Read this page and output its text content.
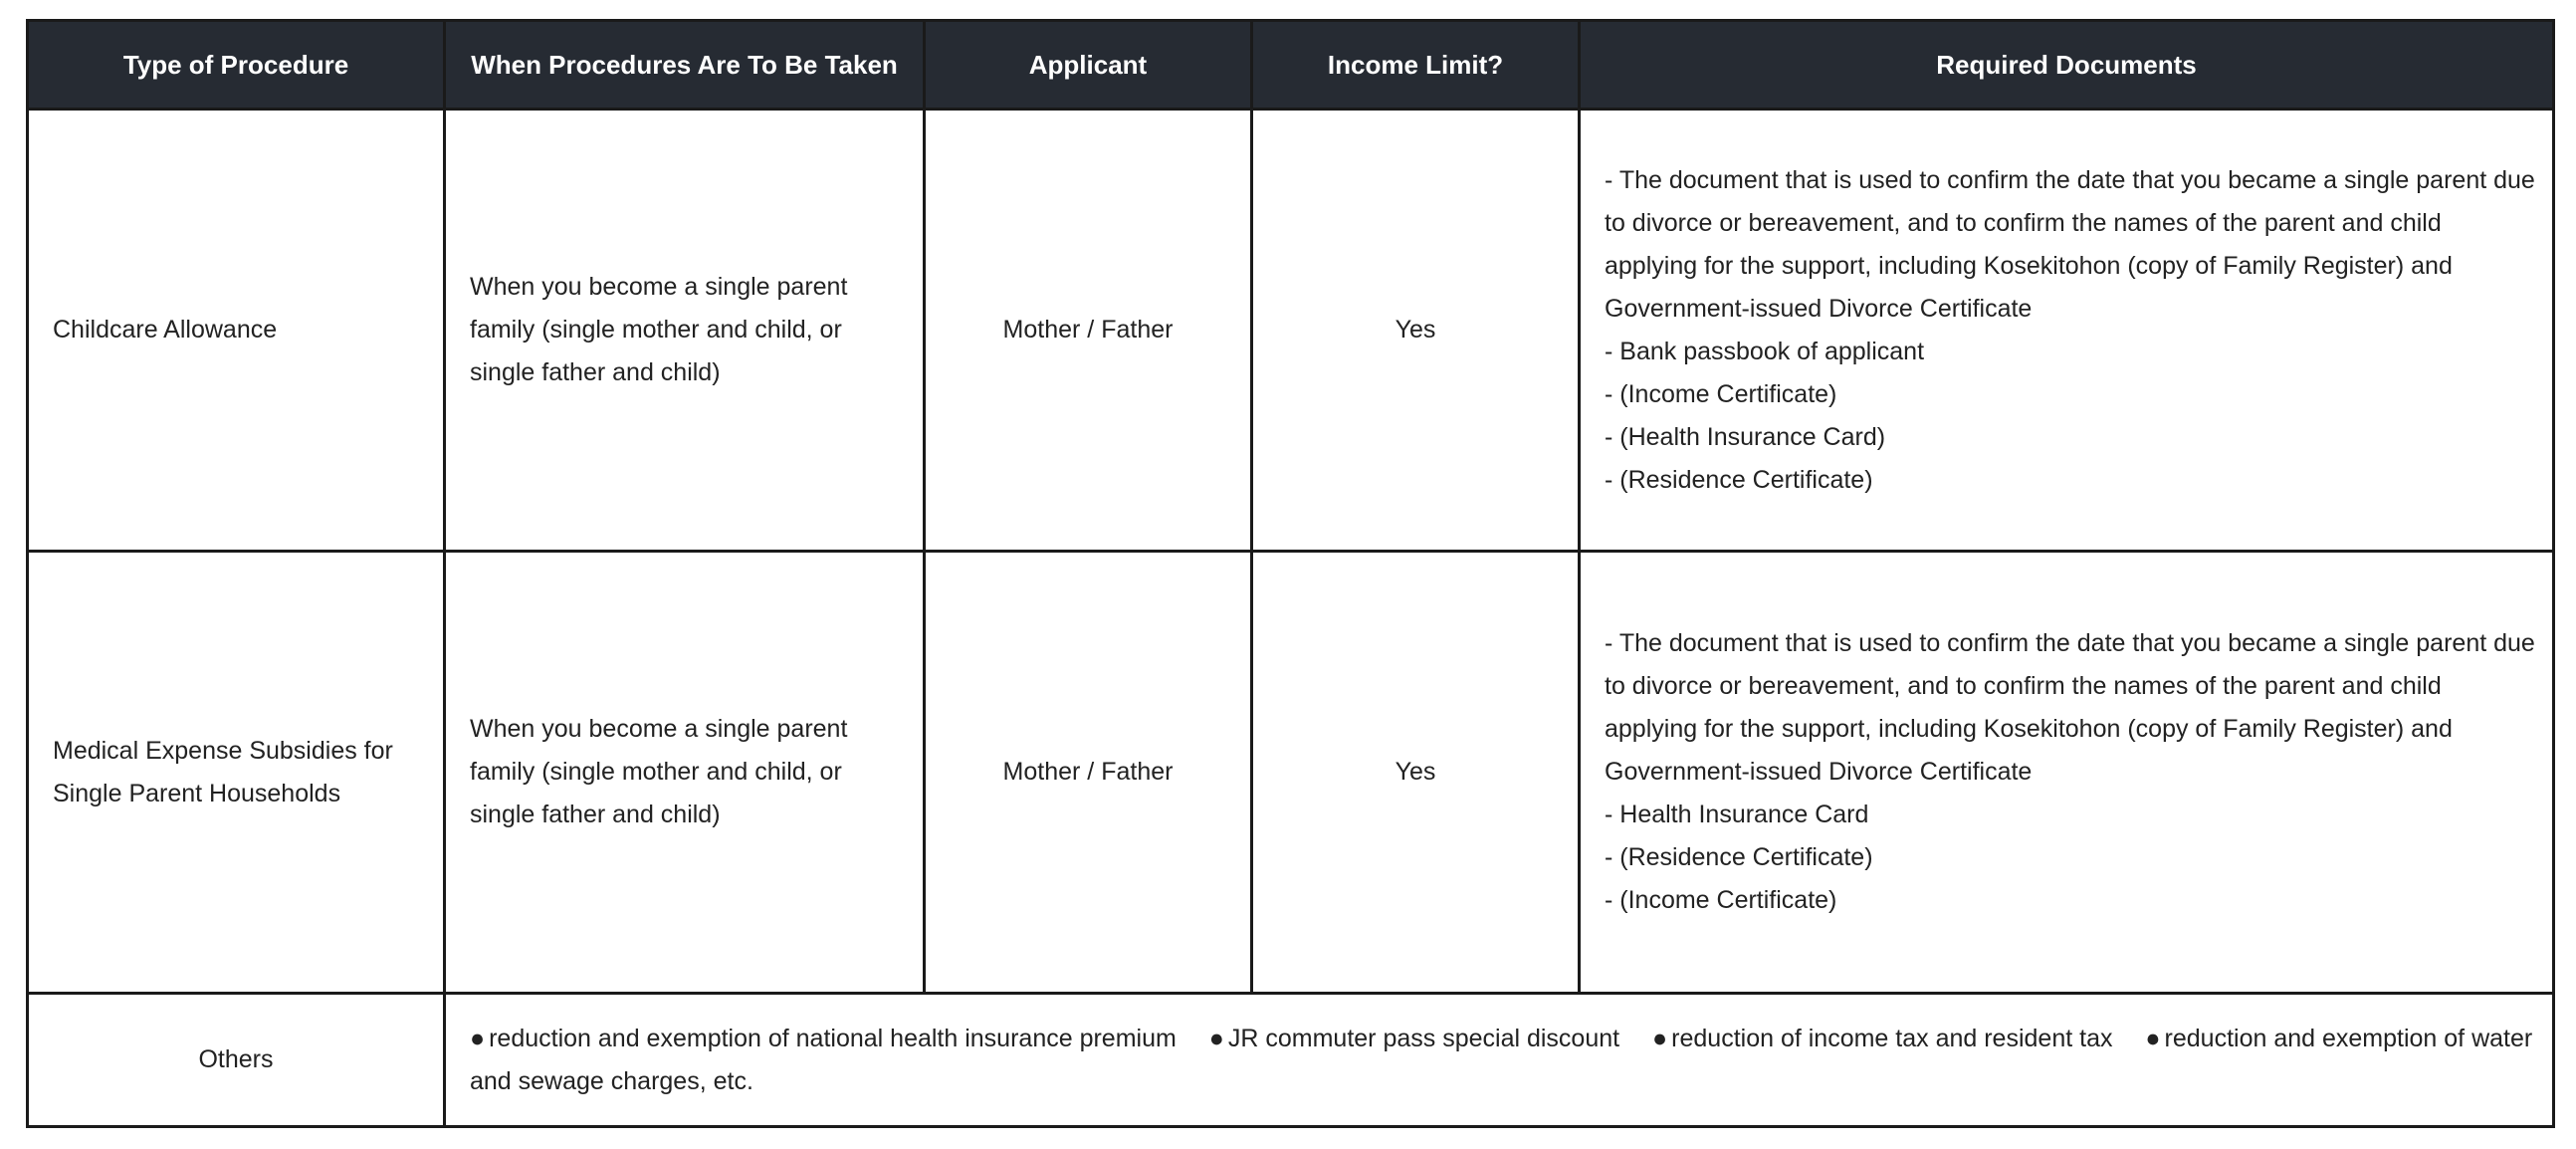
Type of Procedure	When Procedures Are To Be Taken	Applicant	Income Limit?	Required Documents
Childcare Allowance	When you become a single parent family (single mother and child, or single father and child)	Mother / Father	Yes	- The document that is used to confirm the date that you became a single parent due to divorce or bereavement, and to confirm the names of the parent and child applying for the support, including Kosekitohon (copy of Family Register) and Government-issued Divorce Certificate
- Bank passbook of applicant
- (Income Certificate)
- (Health Insurance Card)
- (Residence Certificate)

Medical Expense Subsidies for Single Parent Households	When you become a single parent family (single mother and child, or single father and child)	Mother / Father	Yes	- The document that is used to confirm the date that you became a single parent due to divorce or bereavement, and to confirm the names of the parent and child applying for the support, including Kosekitohon (copy of Family Register) and Government-issued Divorce Certificate
- Health Insurance Card
- (Residence Certificate)
- (Income Certificate)

Others	● reduction and exemption of national health insurance premium ● JR commuter pass special discount ● reduction of income tax and resident tax ● reduction and exemption of water and sewage charges, etc.			
